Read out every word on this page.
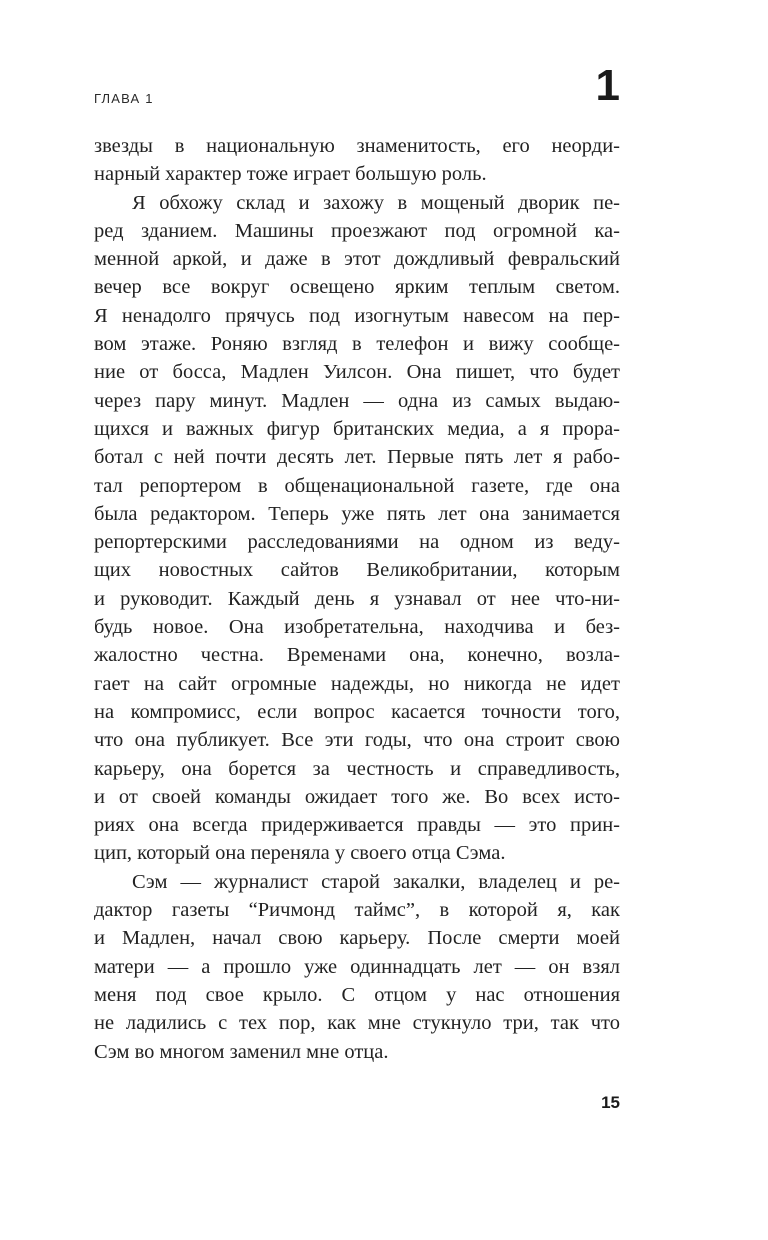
ГЛАВА 1	1
звезды в национальную знаменитость, его неорди-
нарный характер тоже играет большую роль.
Я обхожу склад и захожу в мощеный дворик пе-
ред зданием. Машины проезжают под огромной ка-
менной аркой, и даже в этот дождливый февральский
вечер все вокруг освещено ярким теплым светом.
Я ненадолго прячусь под изогнутым навесом на пер-
вом этаже. Роняю взгляд в телефон и вижу сообще-
ние от босса, Мадлен Уилсон. Она пишет, что будет
через пару минут. Мадлен — одна из самых выдаю-
щихся и важных фигур британских медиа, а я прора-
ботал с ней почти десять лет. Первые пять лет я рабо-
тал репортером в общенациональной газете, где она
была редактором. Теперь уже пять лет она занимается
репортерскими расследованиями на одном из веду-
щих новостных сайтов Великобритании, которым
и руководит. Каждый день я узнавал от нее что-ни-
будь новое. Она изобретательна, находчива и без-
жалостно честна. Временами она, конечно, возла-
гает на сайт огромные надежды, но никогда не идет
на компромисс, если вопрос касается точности того,
что она публикует. Все эти годы, что она строит свою
карьеру, она борется за честность и справедливость,
и от своей команды ожидает того же. Во всех исто-
риях она всегда придерживается правды — это прин-
цип, который она переняла у своего отца Сэма.
Сэм — журналист старой закалки, владелец и ре-
дактор газеты “Ричмонд таймс”, в которой я, как
и Мадлен, начал свою карьеру. После смерти моей
матери — а прошло уже одиннадцать лет — он взял
меня под свое крыло. С отцом у нас отношения
не ладились с тех пор, как мне стукнуло три, так что
Сэм во многом заменил мне отца.
15
